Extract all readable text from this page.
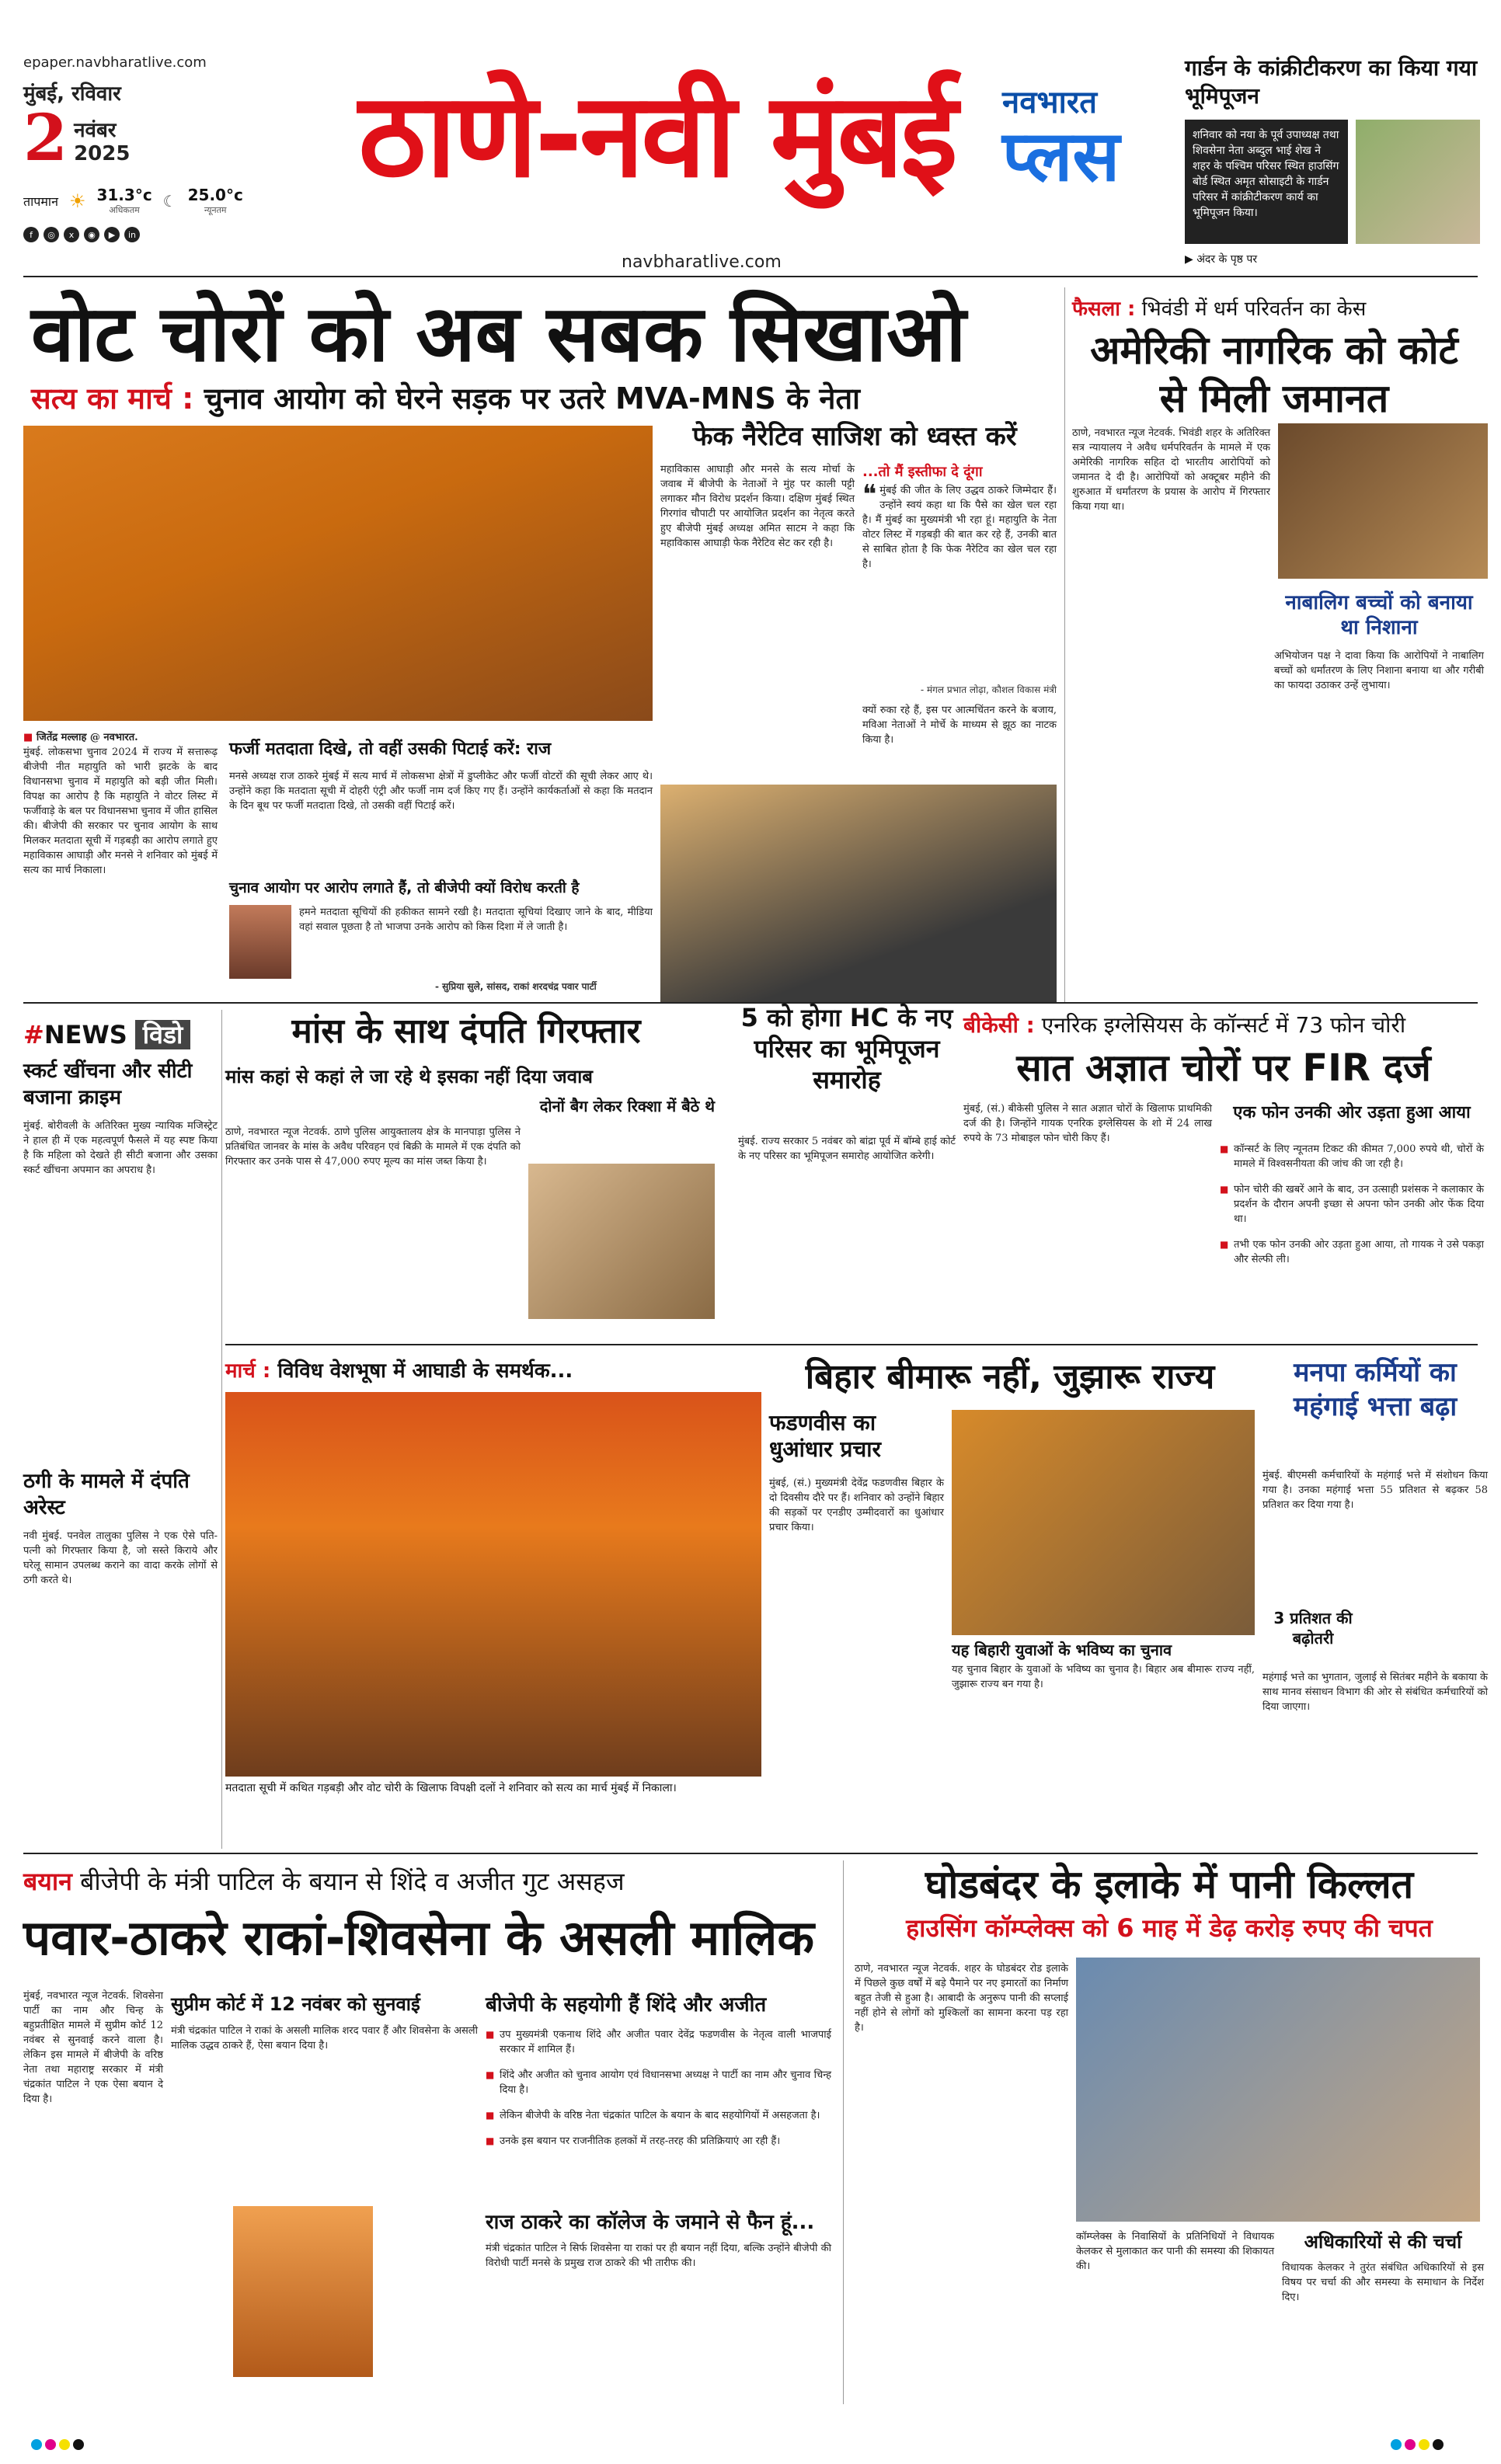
epaper.navbharatlive.com
मुंबई, रविवार
2 नवंबर
2025
तापमान ☀ 31.3°c
अधिकतम	☾ 25.0°c
न्यूनतम
f	◎	x	◉	▶	in
ठाणे-नवी मुंबई	नवभारत
प्लस
navbharatlive.com
गार्डन के कांक्रीटीकरण का किया गया भूमिपूजन
शनिवार को नया के पूर्व उपाध्यक्ष तथा शिवसेना नेता अब्दुल भाई शेख ने शहर के पश्चिम परिसर स्थित हाउसिंग बोर्ड स्थित अमृत सोसाइटी के गार्डन परिसर में कांक्रीटीकरण कार्य का भूमिपूजन किया।
▶ अंदर के पृष्ठ पर
वोट चोरों को अब सबक सिखाओ
सत्य का मार्च : चुनाव आयोग को घेरने सड़क पर उतरे MVA-MNS के नेता
फेक नैरेटिव साजिश को ध्वस्त करें
■ जितेंद्र मल्लाह @ नवभारत.
मुंबई. लोकसभा चुनाव 2024 में राज्य में सत्तारूढ़ बीजेपी नीत महायुति को भारी झटके के बाद विधानसभा चुनाव में महायुति को बड़ी जीत मिली। विपक्ष का आरोप है कि महायुति ने वोटर लिस्ट में फर्जीवाड़े के बल पर विधानसभा चुनाव में जीत हासिल की। बीजेपी की सरकार पर चुनाव आयोग के साथ मिलकर मतदाता सूची में गड़बड़ी का आरोप लगाते हुए महाविकास आघाड़ी और मनसे ने शनिवार को मुंबई में सत्य का मार्च निकाला।
फर्जी मतदाता दिखे, तो वहीं उसकी पिटाई करें: राज
मनसे अध्यक्ष राज ठाकरे मुंबई में सत्य मार्च में लोकसभा क्षेत्रों में डुप्लीकेट और फर्जी वोटरों की सूची लेकर आए थे। उन्होंने कहा कि मतदाता सूची में दोहरी एंट्री और फर्जी नाम दर्ज किए गए हैं। उन्होंने कार्यकर्ताओं से कहा कि मतदान के दिन बूथ पर फर्जी मतदाता दिखे, तो उसकी वहीं पिटाई करें।
चुनाव आयोग पर आरोप लगाते हैं, तो बीजेपी क्यों विरोध करती है
हमने मतदाता सूचियों की हकीकत सामने रखी है। मतदाता सूचियां दिखाए जाने के बाद, मीडिया वहां सवाल पूछता है तो भाजपा उनके आरोप को किस दिशा में ले जाती है।
- सुप्रिया सुले, सांसद, राकां शरदचंद्र पवार पार्टी
महाविकास आघाड़ी और मनसे के सत्य मोर्चा के जवाब में बीजेपी के नेताओं ने मुंह पर काली पट्टी लगाकर मौन विरोध प्रदर्शन किया। दक्षिण मुंबई स्थित गिरगांव चौपाटी पर आयोजित प्रदर्शन का नेतृत्व करते हुए बीजेपी मुंबई अध्यक्ष अमित साटम ने कहा कि महाविकास आघाड़ी फेक नैरेटिव सेट कर रही है।
...तो मैं इस्तीफा दे दूंगा
❝ मुंबई की जीत के लिए उद्धव ठाकरे जिम्मेदार हैं। उन्होंने स्वयं कहा था कि पैसे का खेल चल रहा है। मैं मुंबई का मुख्यमंत्री भी रहा हूं। महायुति के नेता वोटर लिस्ट में गड़बड़ी की बात कर रहे हैं, उनकी बात से साबित होता है कि फेक नैरेटिव का खेल चल रहा है।
- मंगल प्रभात लोढ़ा, कौशल विकास मंत्री
क्यों रुका रहे हैं, इस पर आत्मचिंतन करने के बजाय, मविआ नेताओं ने मोर्चे के माध्यम से झूठ का नाटक किया है।
फैसला : भिवंडी में धर्म परिवर्तन का केस
अमेरिकी नागरिक को कोर्ट से मिली जमानत
ठाणे, नवभारत न्यूज नेटवर्क. भिवंडी शहर के अतिरिक्त सत्र न्यायालय ने अवैध धर्मपरिवर्तन के मामले में एक अमेरिकी नागरिक सहित दो भारतीय आरोपियों को जमानत दे दी है। आरोपियों को अक्टूबर महीने की शुरुआत में धर्मांतरण के प्रयास के आरोप में गिरफ्तार किया गया था।
नाबालिग बच्चों को बनाया था निशाना
अभियोजन पक्ष ने दावा किया कि आरोपियों ने नाबालिग बच्चों को धर्मांतरण के लिए निशाना बनाया था और गरीबी का फायदा उठाकर उन्हें लुभाया।
#NEWS विडो
स्कर्ट खींचना और सीटी बजाना क्राइम
मुंबई. बोरीवली के अतिरिक्त मुख्य न्यायिक मजिस्ट्रेट ने हाल ही में एक महत्वपूर्ण फैसले में यह स्पष्ट किया है कि महिला को देखते ही सीटी बजाना और उसका स्कर्ट खींचना अपमान का अपराध है।
ठगी के मामले में दंपति अरेस्ट
नवी मुंबई. पनवेल तालुका पुलिस ने एक ऐसे पति-पत्नी को गिरफ्तार किया है, जो सस्ते किराये और घरेलू सामान उपलब्ध कराने का वादा करके लोगों से ठगी करते थे।
मांस के साथ दंपति गिरफ्तार
मांस कहां से कहां ले जा रहे थे इसका नहीं दिया जवाब
दोनों बैग लेकर रिक्शा में बैठे थे
ठाणे, नवभारत न्यूज नेटवर्क. ठाणे पुलिस आयुक्तालय क्षेत्र के मानपाड़ा पुलिस ने प्रतिबंधित जानवर के मांस के अवैध परिवहन एवं बिक्री के मामले में एक दंपति को गिरफ्तार कर उनके पास से 47,000 रुपए मूल्य का मांस जब्त किया है।
5 को होगा HC के नए परिसर का भूमिपूजन समारोह
मुंबई. राज्य सरकार 5 नवंबर को बांद्रा पूर्व में बॉम्बे हाई कोर्ट के नए परिसर का भूमिपूजन समारोह आयोजित करेगी।
बीकेसी : एनरिक इग्लेसियस के कॉन्सर्ट में 73 फोन चोरी
सात अज्ञात चोरों पर FIR दर्ज
मुंबई, (सं.) बीकेसी पुलिस ने सात अज्ञात चोरों के खिलाफ प्राथमिकी दर्ज की है। जिन्होंने गायक एनरिक इग्लेसियस के शो में 24 लाख रुपये के 73 मोबाइल फोन चोरी किए हैं।
एक फोन उनकी ओर उड़ता हुआ आया
■ कॉन्सर्ट के लिए न्यूनतम टिकट की कीमत 7,000 रुपये थी, चोरों के मामले में विश्वसनीयता की जांच की जा रही है।
■ फोन चोरी की खबरें आने के बाद, उन उत्साही प्रशंसक ने कलाकार के प्रदर्शन के दौरान अपनी इच्छा से अपना फोन उनकी ओर फेंक दिया था।
■ तभी एक फोन उनकी ओर उड़ता हुआ आया, तो गायक ने उसे पकड़ा और सेल्फी ली।
मार्च : विविध वेशभूषा में आघाडी के समर्थक...
मतदाता सूची में कथित गड़बड़ी और वोट चोरी के खिलाफ विपक्षी दलों ने शनिवार को सत्य का मार्च मुंबई में निकाला।
बिहार बीमारू नहीं, जुझारू राज्य
फडणवीस का धुआंधार प्रचार
मुंबई, (सं.) मुख्यमंत्री देवेंद्र फडणवीस बिहार के दो दिवसीय दौरे पर हैं। शनिवार को उन्होंने बिहार की सड़कों पर एनडीए उम्मीदवारों का धुआंधार प्रचार किया।
यह बिहारी युवाओं के भविष्य का चुनाव
यह चुनाव बिहार के युवाओं के भविष्य का चुनाव है। बिहार अब बीमारू राज्य नहीं, जुझारू राज्य बन गया है।
मनपा कर्मियों का महंगाई भत्ता बढ़ा
मुंबई. बीएमसी कर्मचारियों के महंगाई भत्ते में संशोधन किया गया है। उनका महंगाई भत्ता 55 प्रतिशत से बढ़कर 58 प्रतिशत कर दिया गया है।
3 प्रतिशत की बढ़ोतरी
महंगाई भत्ते का भुगतान, जुलाई से सितंबर महीने के बकाया के साथ मानव संसाधन विभाग की ओर से संबंधित कर्मचारियों को दिया जाएगा।
बयान बीजेपी के मंत्री पाटिल के बयान से शिंदे व अजीत गुट असहज
पवार-ठाकरे राकां-शिवसेना के असली मालिक
मुंबई, नवभारत न्यूज नेटवर्क. शिवसेना पार्टी का नाम और चिन्ह के बहुप्रतीक्षित मामले में सुप्रीम कोर्ट 12 नवंबर से सुनवाई करने वाला है। लेकिन इस मामले में बीजेपी के वरिष्ठ नेता तथा महाराष्ट्र सरकार में मंत्री चंद्रकांत पाटिल ने एक ऐसा बयान दे दिया है।
सुप्रीम कोर्ट में 12 नवंबर को सुनवाई
मंत्री चंद्रकांत पाटिल ने राकां के असली मालिक शरद पवार हैं और शिवसेना के असली मालिक उद्धव ठाकरे हैं, ऐसा बयान दिया है।
बीजेपी के सहयोगी हैं शिंदे और अजीत
■ उप मुख्यमंत्री एकनाथ शिंदे और अजीत पवार देवेंद्र फडणवीस के नेतृत्व वाली भाजपाई सरकार में शामिल हैं।
■ शिंदे और अजीत को चुनाव आयोग एवं विधानसभा अध्यक्ष ने पार्टी का नाम और चुनाव चिन्ह दिया है।
■ लेकिन बीजेपी के वरिष्ठ नेता चंद्रकांत पाटिल के बयान के बाद सहयोगियों में असहजता है।
■ उनके इस बयान पर राजनीतिक हलकों में तरह-तरह की प्रतिक्रियाएं आ रही हैं।
राज ठाकरे का कॉलेज के जमाने से फैन हूं...
मंत्री चंद्रकांत पाटिल ने सिर्फ शिवसेना या राकां पर ही बयान नहीं दिया, बल्कि उन्होंने बीजेपी की विरोधी पार्टी मनसे के प्रमुख राज ठाकरे की भी तारीफ की।
घोडबंदर के इलाके में पानी किल्लत
हाउसिंग कॉम्प्लेक्स को 6 माह में डेढ़ करोड़ रुपए की चपत
ठाणे, नवभारत न्यूज नेटवर्क. शहर के घोडबंदर रोड इलाके में पिछले कुछ वर्षों में बड़े पैमाने पर नए इमारतों का निर्माण बहुत तेजी से हुआ है। आबादी के अनुरूप पानी की सप्लाई नहीं होने से लोगों को मुश्किलों का सामना करना पड़ रहा है।
कॉम्प्लेक्स के निवासियों के प्रतिनिधियों ने विधायक केलकर से मुलाकात कर पानी की समस्या की शिकायत की।
अधिकारियों से की चर्चा
विधायक केलकर ने तुरंत संबंधित अधिकारियों से इस विषय पर चर्चा की और समस्या के समाधान के निर्देश दिए।
